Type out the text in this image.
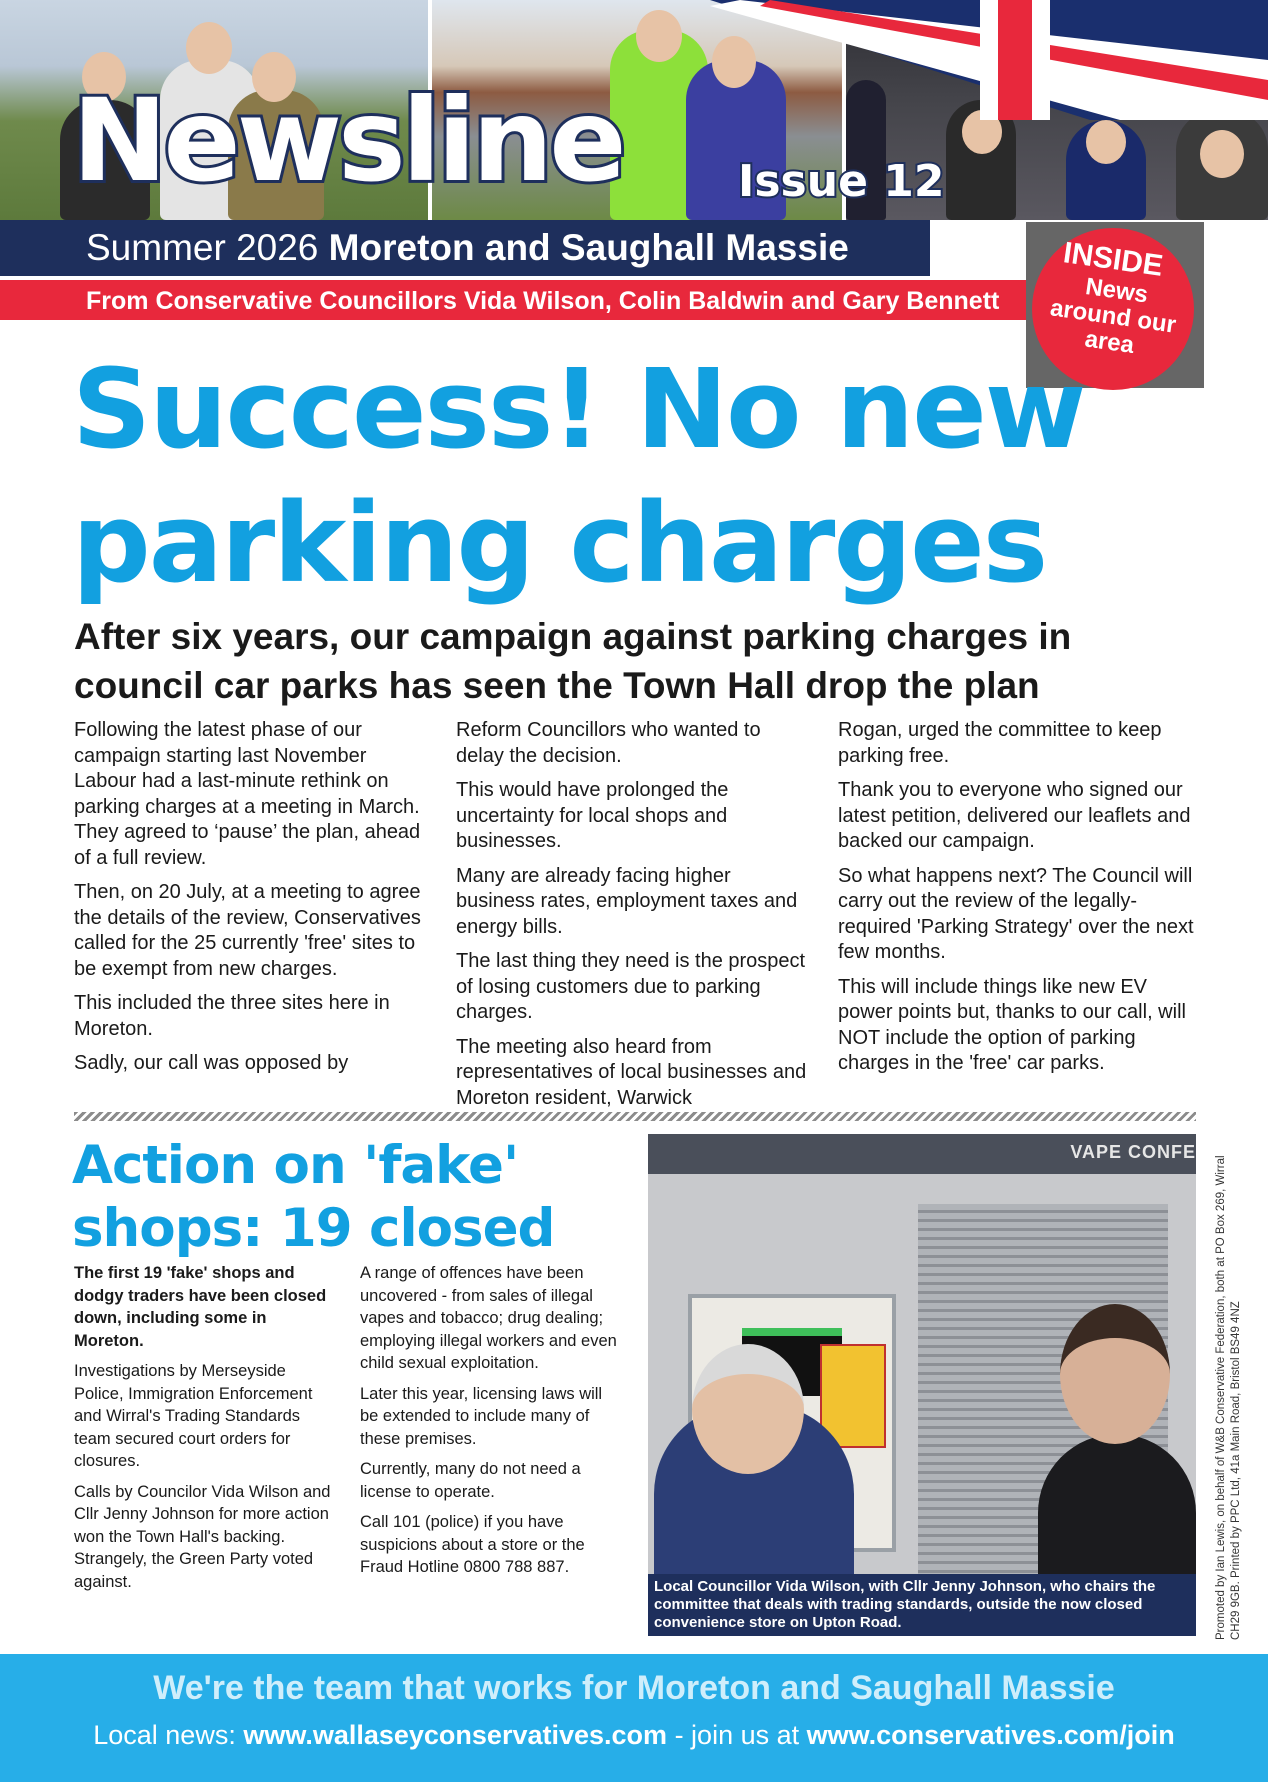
Newsline	Issue 12
Summer 2026 Moreton and Saughall Massie
From Conservative Councillors Vida Wilson, Colin Baldwin and Gary Bennett
INSIDE
News
around our
area
Success! No new parking charges
After six years, our campaign against parking charges in council car parks has seen the Town Hall drop the plan

Following the latest phase of our campaign starting last November Labour had a last-minute rethink on parking charges at a meeting in March. They agreed to ‘pause’ the plan, ahead of a full review.

Then, on 20 July, at a meeting to agree the details of the review, Conservatives called for the 25 currently 'free' sites to be exempt from new charges.

This included the three sites here in Moreton.

Sadly, our call was opposed by

Reform Councillors who wanted to delay the decision.

This would have prolonged the uncertainty for local shops and businesses.

Many are already facing higher business rates, employment taxes and energy bills.

The last thing they need is the prospect of losing customers due to parking charges.

The meeting also heard from representatives of local businesses and Moreton resident, Warwick

Rogan, urged the committee to keep parking free.

Thank you to everyone who signed our latest petition, delivered our leaflets and backed our campaign.

So what happens next? The Council will carry out the review of the legally-required 'Parking Strategy' over the next few months.

This will include things like new EV power points but, thanks to our call, will NOT include the option of parking charges in the 'free' car parks.

Action on 'fake' shops: 19 closed

The first 19 'fake' shops and dodgy traders have been closed down, including some in Moreton.

Investigations by Merseyside Police, Immigration Enforcement and Wirral's Trading Standards team secured court orders for closures.

Calls by Councilor Vida Wilson and Cllr Jenny Johnson for more action won the Town Hall's backing. Strangely, the Green Party voted against.

A range of offences have been uncovered - from sales of illegal vapes and tobacco; drug dealing; employing illegal workers and even child sexual exploitation.

Later this year, licensing laws will be extended to include many of these premises.

Currently, many do not need a license to operate.

Call 101 (police) if you have suspicions about a store or the Fraud Hotline 0800 788 887.

VAPE CONFE
Local Councillor Vida Wilson, with Cllr Jenny Johnson, who chairs the committee that deals with trading standards, outside the now closed convenience store on Upton Road.	Promoted by Ian Lewis, on behalf of W&B Conservative Federation, both at PO Box 269, Wirral CH29 9GB. Printed by PPC Ltd, 41a Main Road, Bristol BS49 4NZ
We're the team that works for Moreton and Saughall Massie
Local news: www.wallaseyconservatives.com - join us at www.conservatives.com/join
